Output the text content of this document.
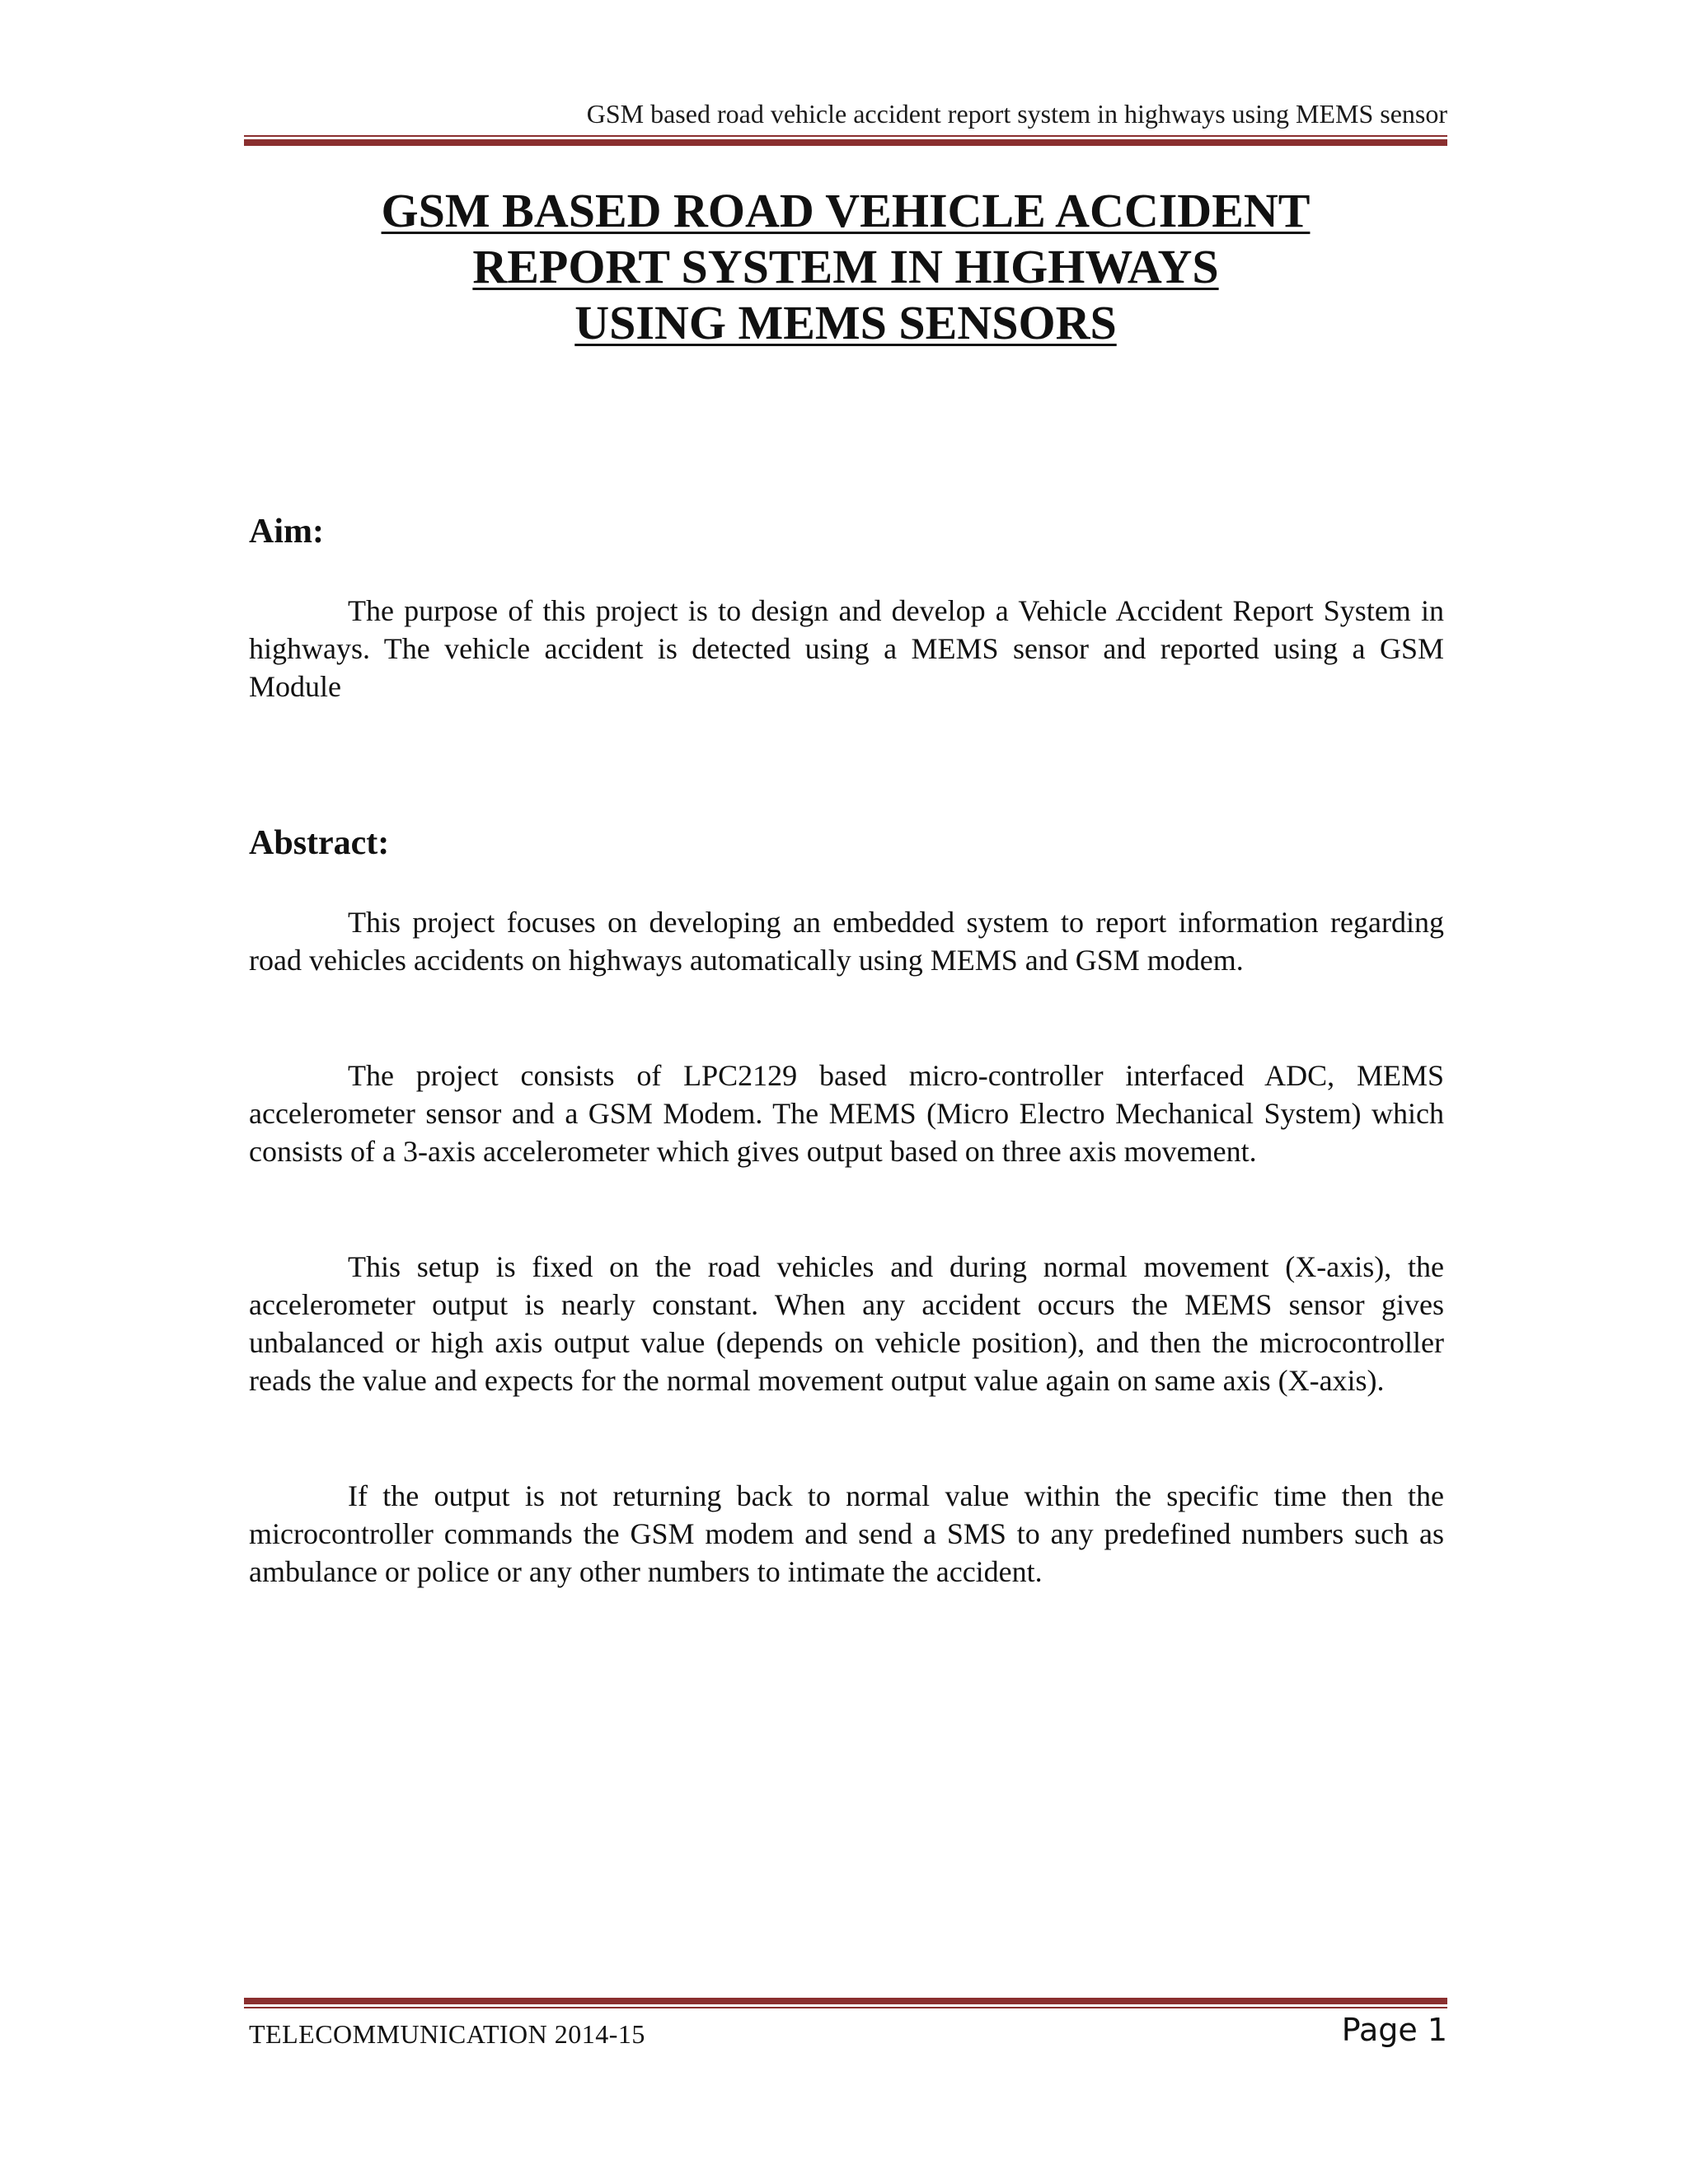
GSM based road vehicle accident report system in highways using MEMS sensor
GSM BASED ROAD VEHICLE ACCIDENT
REPORT SYSTEM IN HIGHWAYS
USING MEMS SENSORS
Aim:

The purpose of this project is to design and develop a Vehicle Accident Report System in highways. The vehicle accident is detected using a MEMS sensor and reported using a GSM Module

Abstract:

This project focuses on developing an embedded system to report information regarding road vehicles accidents on highways automatically using MEMS and GSM modem.

The project consists of LPC2129 based micro-controller interfaced ADC, MEMS accelerometer sensor and a GSM Modem. The MEMS (Micro Electro Mechanical System) which consists of a 3-axis accelerometer which gives output based on three axis movement.

This setup is fixed on the road vehicles and during normal movement (X-axis), the accelerometer output is nearly constant. When any accident occurs the MEMS sensor gives unbalanced or high axis output value (depends on vehicle position), and then the microcontroller reads the value and expects for the normal movement output value again on same axis (X-axis).

If the output is not returning back to normal value within the specific time then the microcontroller commands the GSM modem and send a SMS to any predefined numbers such as ambulance or police or any other numbers to intimate the accident.

TELECOMMUNICATION 2014-15	Page 1
